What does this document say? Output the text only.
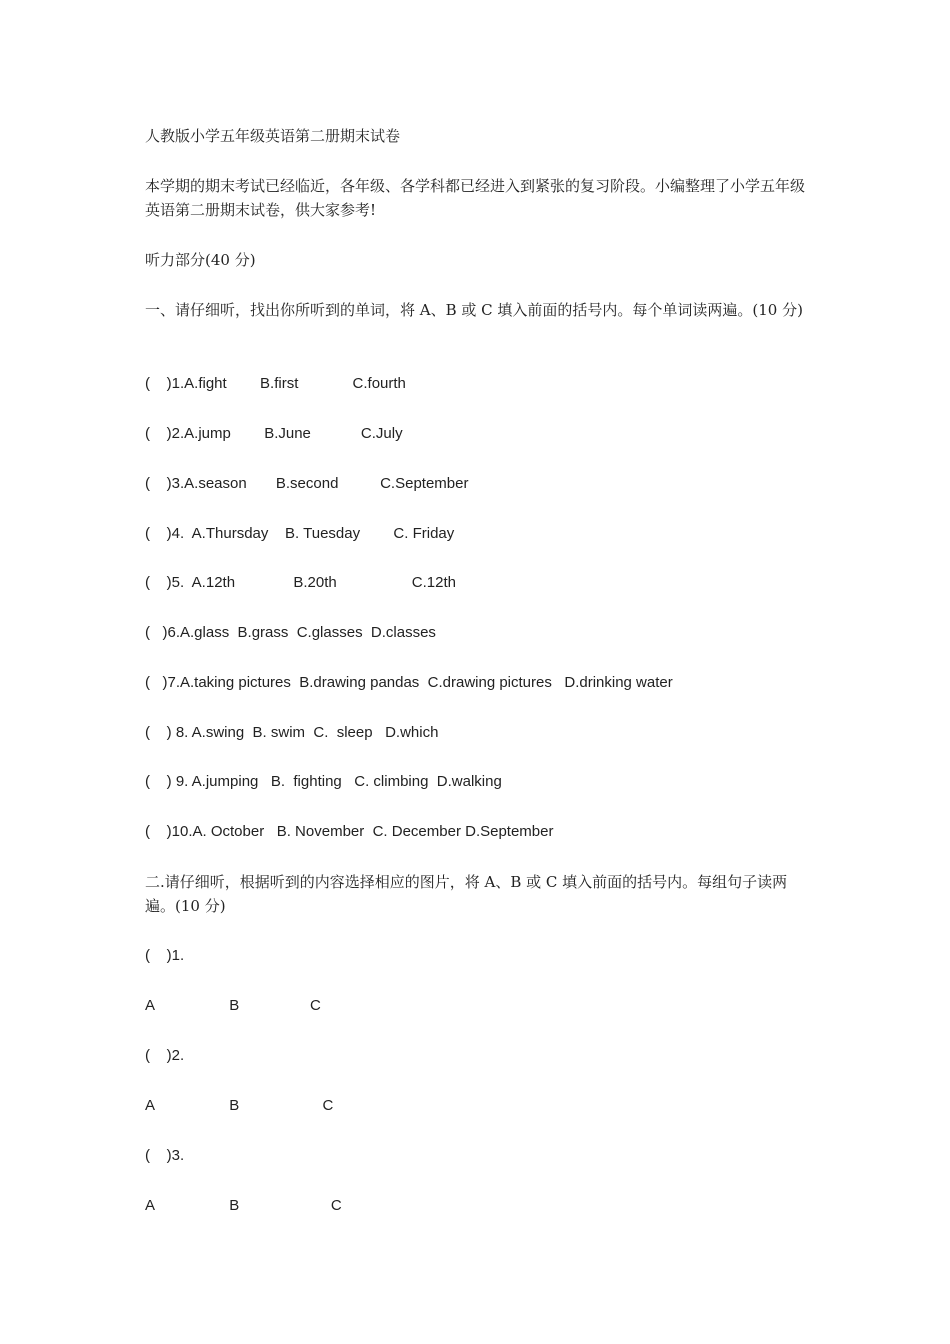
人教版小学五年级英语第二册期末试卷
本学期的期末考试已经临近，各年级、各学科都已经进入到紧张的复习阶段。小编整理了小学五年级英语第二册期末试卷，供大家参考!
听力部分(40 分)
一、请仔细听，找出你所听到的单词，将 A、B 或 C 填入前面的括号内。每个单词读两遍。(10 分)
(    )1.A.fight        B.first             C.fourth
(    )2.A.jump        B.June            C.July
(    )3.A.season       B.second          C.September
(    )4.  A.Thursday    B. Tuesday        C. Friday
(    )5.  A.12th              B.20th                  C.12th
(   )6.A.glass  B.grass  C.glasses  D.classes
(   )7.A.taking pictures  B.drawing pandas  C.drawing pictures   D.drinking water
(    ) 8. A.swing  B. swim  C.  sleep   D.which
(    ) 9. A.jumping   B.  fighting   C. climbing  D.walking
(    )10.A. October   B. November  C. December D.September
二.请仔细听，根据听到的内容选择相应的图片，将 A、B 或 C 填入前面的括号内。每组句子读两遍。(10 分)
(    )1.
A                  B                 C
(    )2.
A                  B                    C
(    )3.
A                  B                      C
